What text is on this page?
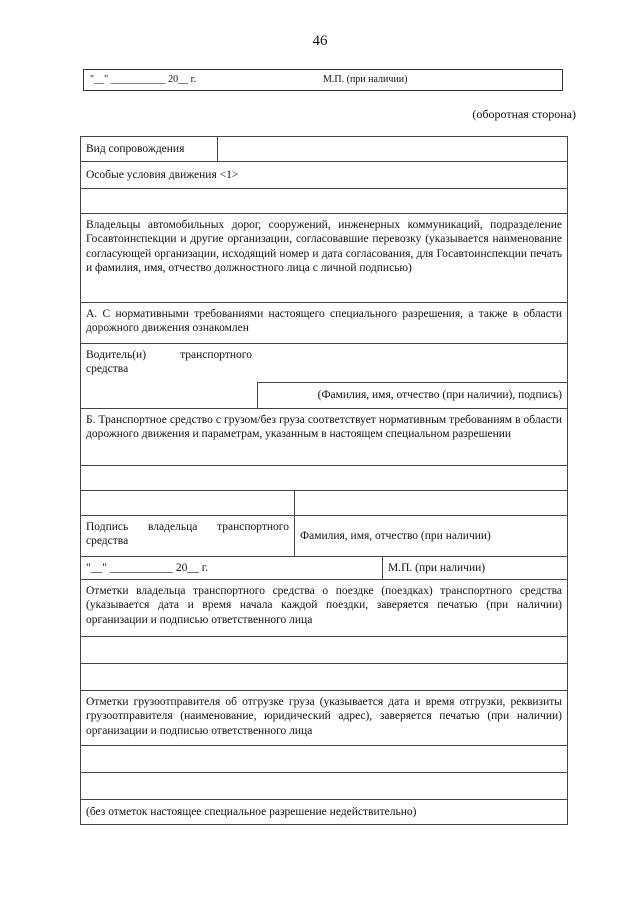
46
"__" ___________ 20__ г.	М.П. (при наличии)
(оборотная сторона)
Вид сопровождения	

Особые условия движения <1>

Владельцы автомобильных дорог, сооружений, инженерных коммуникаций, подразделение Госавтоинспекции и другие организации, согласовавшие перевозку (указывается наименование согласующей организации, исходящий номер и дата согласования, для Госавтоинспекции печать и фамилия, имя, отчество должностного лица с личной подписью)
А. С нормативными требованиями настоящего специального разрешения, а также в области дорожного движения ознакомлен

Водитель(и) транспортного средства	
	(Фамилия, имя, отчество (при наличии), подпись)

Б. Транспортное средство с грузом/без груза соответствует нормативным требованиям в области дорожного движения и параметрам, указанным в настоящем специальном разрешении

Подпись владельца транспортного средства	Фамилия, имя, отчество (при наличии)

"__" ___________ 20__ г.	М.П. (при наличии)

Отметки владельца транспортного средства о поездке (поездках) транспортного средства (указывается дата и время начала каждой поездки, заверяется печатью (при наличии) организации и подписью ответственного лица

Отметки грузоотправителя об отгрузке груза (указывается дата и время отгрузки, реквизиты грузоотправителя (наименование, юридический адрес), заверяется печатью (при наличии) организации и подписью ответственного лица

(без отметок настоящее специальное разрешение недействительно)
